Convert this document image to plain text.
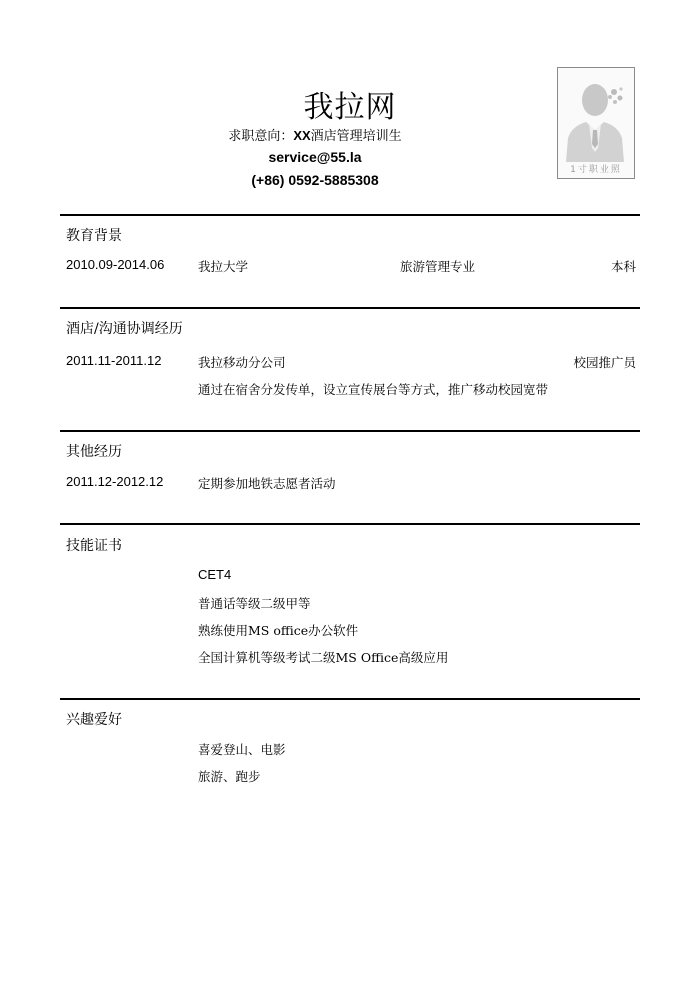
我拉网
求职意向：XX酒店管理培训生
service@55.la
(+86) 0592-5885308
1寸职业照
教育背景
2010.09-2014.06	我拉大学	旅游管理专业	本科
酒店/沟通协调经历
2011.11-2011.12	我拉移动分公司	校园推广员
通过在宿舍分发传单，设立宣传展台等方式，推广移动校园宽带
其他经历
2011.12-2012.12	定期参加地铁志愿者活动
技能证书
CET4
普通话等级二级甲等
熟练使用MS office办公软件
全国计算机等级考试二级MS Office高级应用
兴趣爱好
喜爱登山、电影
旅游、跑步
